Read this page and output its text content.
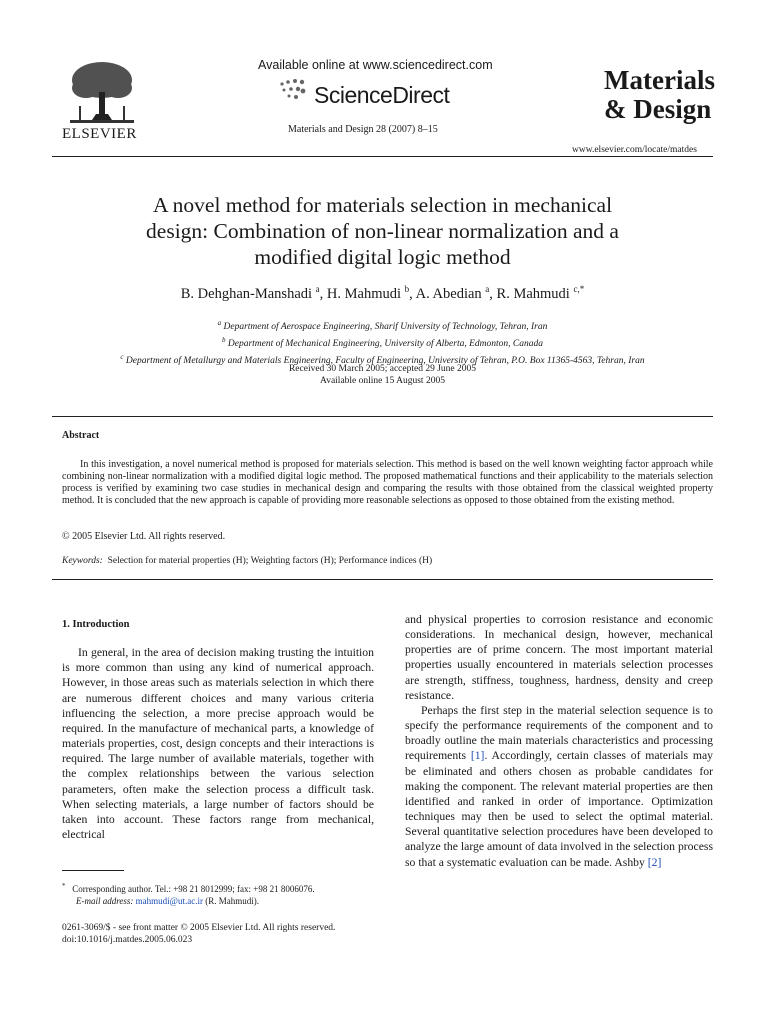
ELSEVIER
Available online at www.sciencedirect.com
ScienceDirect
Materials and Design 28 (2007) 8–15
Materials
& Design
www.elsevier.com/locate/matdes
A novel method for materials selection in mechanical
design: Combination of non-linear normalization and a
modified digital logic method
B. Dehghan-Manshadi $^a$, H. Mahmudi $^b$, A. Abedian $^a$, R. Mahmudi $^{c,*}$
$^a$ Department of Aerospace Engineering, Sharif University of Technology, Tehran, Iran
$^b$ Department of Mechanical Engineering, University of Alberta, Edmonton, Canada
$^c$ Department of Metallurgy and Materials Engineering, Faculty of Engineering, University of Tehran, P.O. Box 11365-4563, Tehran, Iran
Received 30 March 2005; accepted 29 June 2005
Available online 15 August 2005
Abstract

In this investigation, a novel numerical method is proposed for materials selection. This method is based on the well known weighting factor approach while combining non-linear normalization with a modified digital logic method. The proposed mathematical functions and their applicability to the materials selection process is verified by examining two case studies in mechanical design and comparing the results with those obtained from the classical weighted property method. It is concluded that the new approach is capable of providing more reasonable selections as opposed to those obtained from the existing method.

© 2005 Elsevier Ltd. All rights reserved.
Keywords: Selection for material properties (H); Weighting factors (H); Performance indices (H)
1. Introduction

In general, in the area of decision making trusting the intuition is more common than using any kind of numerical approach. However, in those areas such as materials selection in which there are numerous different choices and many various criteria influencing the selection, a more precise approach would be required. In the manufacture of mechanical parts, a knowledge of materials properties, cost, design concepts and their interactions is required. The large number of available materials, together with the complex relationships between the various selection parameters, often make the selection process a difficult task. When selecting materials, a large number of factors should be taken into account. These factors range from mechanical, electrical

and physical properties to corrosion resistance and economic considerations. In mechanical design, however, mechanical properties are of prime concern. The most important material properties usually encountered in materials selection processes are strength, stiffness, toughness, hardness, density and creep resistance.

Perhaps the first step in the material selection sequence is to specify the performance requirements of the component and to broadly outline the main materials characteristics and processing requirements [1]. Accordingly, certain classes of materials may be eliminated and others chosen as probable candidates for making the component. The relevant material properties are then identified and ranked in order of importance. Optimization techniques may then be used to select the optimal material. Several quantitative selection procedures have been developed to analyze the large amount of data involved in the selection process so that a systematic evaluation can be made. Ashby [2]

* Corresponding author. Tel.: +98 21 8012999; fax: +98 21 8006076.
E-mail address: mahmudi@ut.ac.ir (R. Mahmudi).
0261-3069/$ - see front matter © 2005 Elsevier Ltd. All rights reserved.
doi:10.1016/j.matdes.2005.06.023
